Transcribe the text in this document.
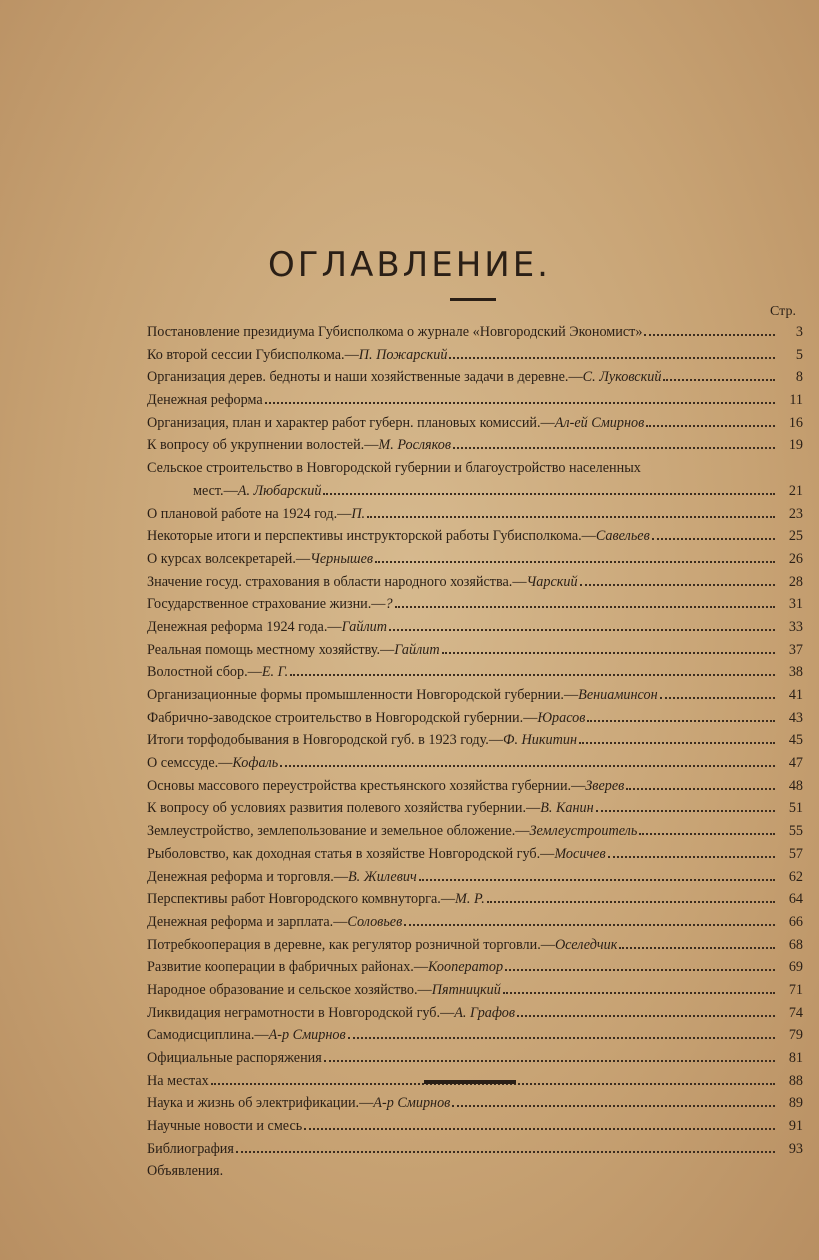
ОГЛАВЛЕНИЕ.
Стр.
Постановление президиума Губисполкома о журнале «Новгородский Экономист»	3
Ко второй сессии Губисполкома.—П. Пожарский	5
Организация дерев. бедноты и наши хозяйственные задачи в деревне.—С. Луковский	8
Денежная реформа	11
Организация, план и характер работ губерн. плановых комиссий.—Ал-ей Смирнов	16
К вопросу об укрупнении волостей.—М. Росляков	19
Сельское строительство в Новгородской губернии и благоустройство населенных
мест.—А. Любарский	21
О плановой работе на 1924 год.—П.	23
Некоторые итоги и перспективы инструкторской работы Губисполкома.—Савельев	25
О курсах волсекретарей.—Чернышев	26
Значение госуд. страхования в области народного хозяйства.—Чарский	28
Государственное страхование жизни.—?	31
Денежная реформа 1924 года.—Гайлит	33
Реальная помощь местному хозяйству.—Гайлит	37
Волостной сбор.—Е. Г.	38
Организационные формы промышленности Новгородской губернии.—Вениаминсон	41
Фабрично-заводское строительство в Новгородской губернии.—Юрасов	43
Итоги торфодобывания в Новгородской губ. в 1923 году.—Ф. Никитин	45
О семссуде.—Кофаль	47
Основы массового переустройства крестьянского хозяйства губернии.—Зверев	48
К вопросу об условиях развития полевого хозяйства губернии.—В. Канин	51
Землеустройство, землепользование и земельное обложение.—Землеустроитель	55
Рыболовство, как доходная статья в хозяйстве Новгородской губ.—Мосичев	57
Денежная реформа и торговля.—В. Жилевич	62
Перспективы работ Новгородского комвнуторга.—М. Р.	64
Денежная реформа и зарплата.—Соловьев	66
Потребкооперация в деревне, как регулятор розничной торговли.—Оселедчик	68
Развитие кооперации в фабричных районах.—Кооператор	69
Народное образование и сельское хозяйство.—Пятницкий	71
Ликвидация неграмотности в Новгородской губ.—А. Графов	74
Самодисциплина.—А-р Смирнов	79
Официальные распоряжения	81
На местах	88
Наука и жизнь об электрификации.—А-р Смирнов	89
Научные новости и смесь	91
Библиография	93
Объявления.
